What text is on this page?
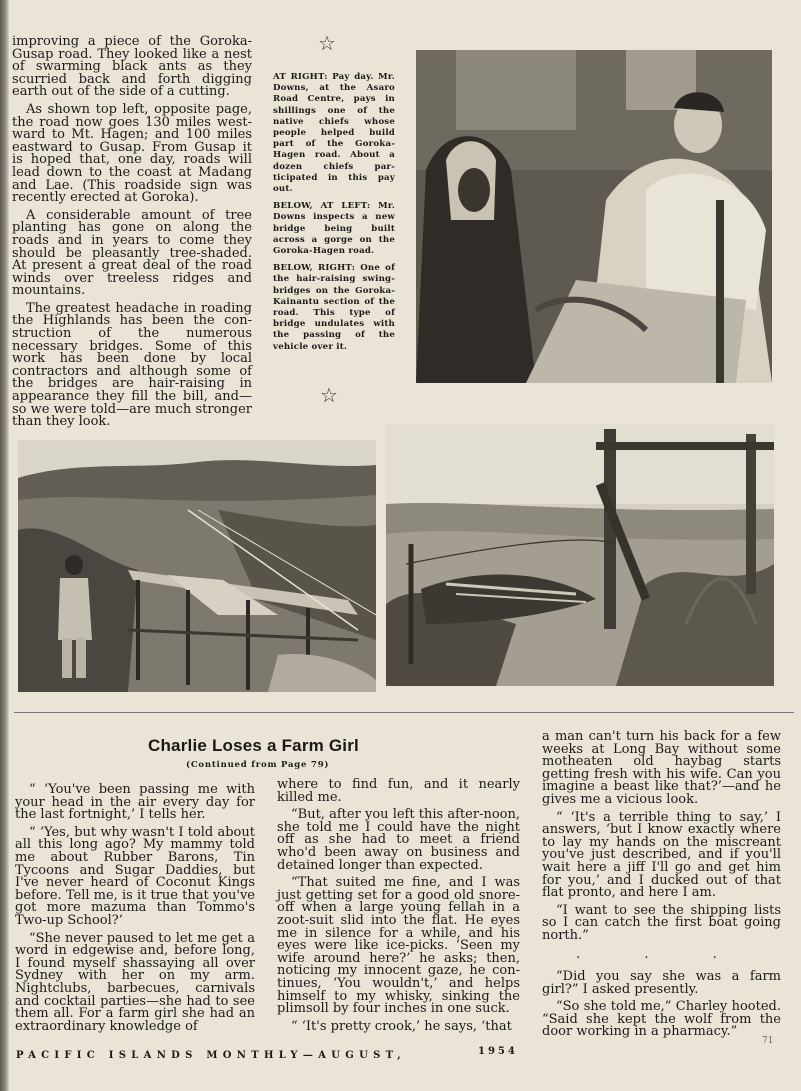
improving a piece of the Goroka-Gusap road. They looked like a nest of swarming black ants as they scurried back and forth digging earth out of the side of a cutting.

As shown top left, opposite page, the road now goes 130 miles west-ward to Mt. Hagen; and 100 miles eastward to Gusap. From Gusap it is hoped that, one day, roads will lead down to the coast at Madang and Lae. (This roadside sign was recently erected at Goroka).

A considerable amount of tree planting has gone on along the roads and in years to come they should be pleasantly tree-shaded. At present a great deal of the road winds over treeless ridges and mountains.

The greatest headache in roading the Highlands has been the con-struction of the numerous necessary bridges. Some of this work has been done by local contractors and although some of the bridges are hair-raising in appearance they fill the bill, and—so we were told—are much stronger than they look.

☆

AT RIGHT: Pay day. Mr. Downs, at the Asaro Road Centre, pays in shillings one of the native chiefs whose people helped build part of the Goroka-Hagen road. About a dozen chiefs par-ticipated in this pay out.

BELOW, AT LEFT: Mr. Downs inspects a new bridge being built across a gorge on the Goroka-Hagen road.

BELOW, RIGHT: One of the hair-raising swing-bridges on the Goroka-Kainantu section of the road. This type of bridge undulates with the passing of the vehicle over it.

☆
Charlie Loses a Farm Girl
(Continued from Page 79)

“ ‘You've been passing me with your head in the air every day for the last fortnight,’ I tells her.

“ ‘Yes, but why wasn't I told about all this long ago? My mammy told me about Rubber Barons, Tin Tycoons and Sugar Daddies, but I've never heard of Coconut Kings before. Tell me, is it true that you've got more mazuma than Tommo's Two-up School?’

“She never paused to let me get a word in edgewise and, before long, I found myself shassaying all over Sydney with her on my arm. Nightclubs, barbecues, carnivals and cocktail parties—she had to see them all. For a farm girl she had an extraordinary knowledge of

where to find fun, and it nearly killed me.

“But, after you left this after-noon, she told me I could have the night off as she had to meet a friend who'd been away on business and detained longer than expected.

“That suited me fine, and I was just getting set for a good old snore-off when a large young fellah in a zoot-suit slid into the flat. He eyes me in silence for a while, and his eyes were like ice-picks. ‘Seen my wife around here?’ he asks; then, noticing my innocent gaze, he con-tinues, ‘You wouldn't,’ and helps himself to my whisky, sinking the plimsoll by four inches in one suck.

“ ‘It's pretty crook,’ he says, ‘that

a man can't turn his back for a few weeks at Long Bay without some motheaten old haybag starts getting fresh with his wife. Can you imagine a beast like that?’—and he gives me a vicious look.

“ ‘It's a terrible thing to say,’ I answers, ‘but I know exactly where to lay my hands on the miscreant you've just described, and if you'll wait here a jiff I'll go and get him for you,’ and I ducked out of that flat pronto, and here I am.

“I want to see the shipping lists so I can catch the first boat going north.”

. . .

“Did you say she was a farm girl?” I asked presently.

“So she told me,” Charley hooted. “Said she kept the wolf from the door working in a pharmacy.”

PACIFIC ISLANDS MONTHLY—AUGUST,	1954
71
